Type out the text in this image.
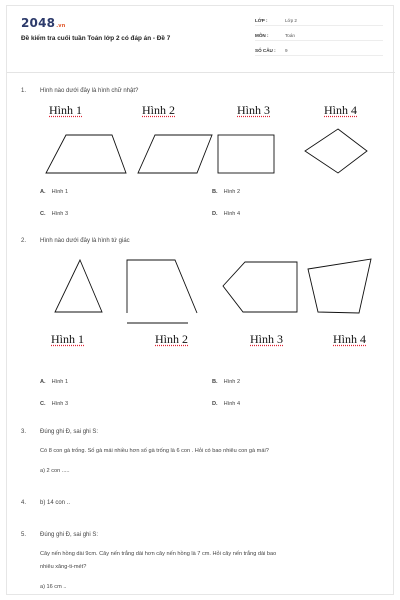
2048.vn
Đề kiểm tra cuối tuần Toán lớp 2 có đáp án - Đề 7
LỚP :	Lớp 2
MÔN :	Toán
SỐ CÂU : 9
1. Hình nào dưới đây là hình chữ nhật?
Hình 1	Hình 2	Hình 3	Hình 4
A. Hình 1	B. Hình 2
C. Hình 3	D. Hình 4
2. Hình nào dưới đây là hình tứ giác
Hình 1	Hình 2	Hình 3	Hình 4
A. Hình 1	B. Hình 2
C. Hình 3	D. Hình 4
3. Đúng ghi Đ, sai ghi S:
Có 8 con gà trống. Số gà mái nhiều hơn số gà trống là 6 con . Hỏi có bao nhiêu con gà mái?
a) 2 con .....
4. b) 14 con ..
5. Đúng ghi Đ, sai ghi S:
Cây nến hồng dài 9cm. Cây nến trắng dài hơn cây nến hồng là 7 cm. Hỏi cây nến trắng dài bao
nhiêu xăng-ti-mét?
a) 16 cm ..
